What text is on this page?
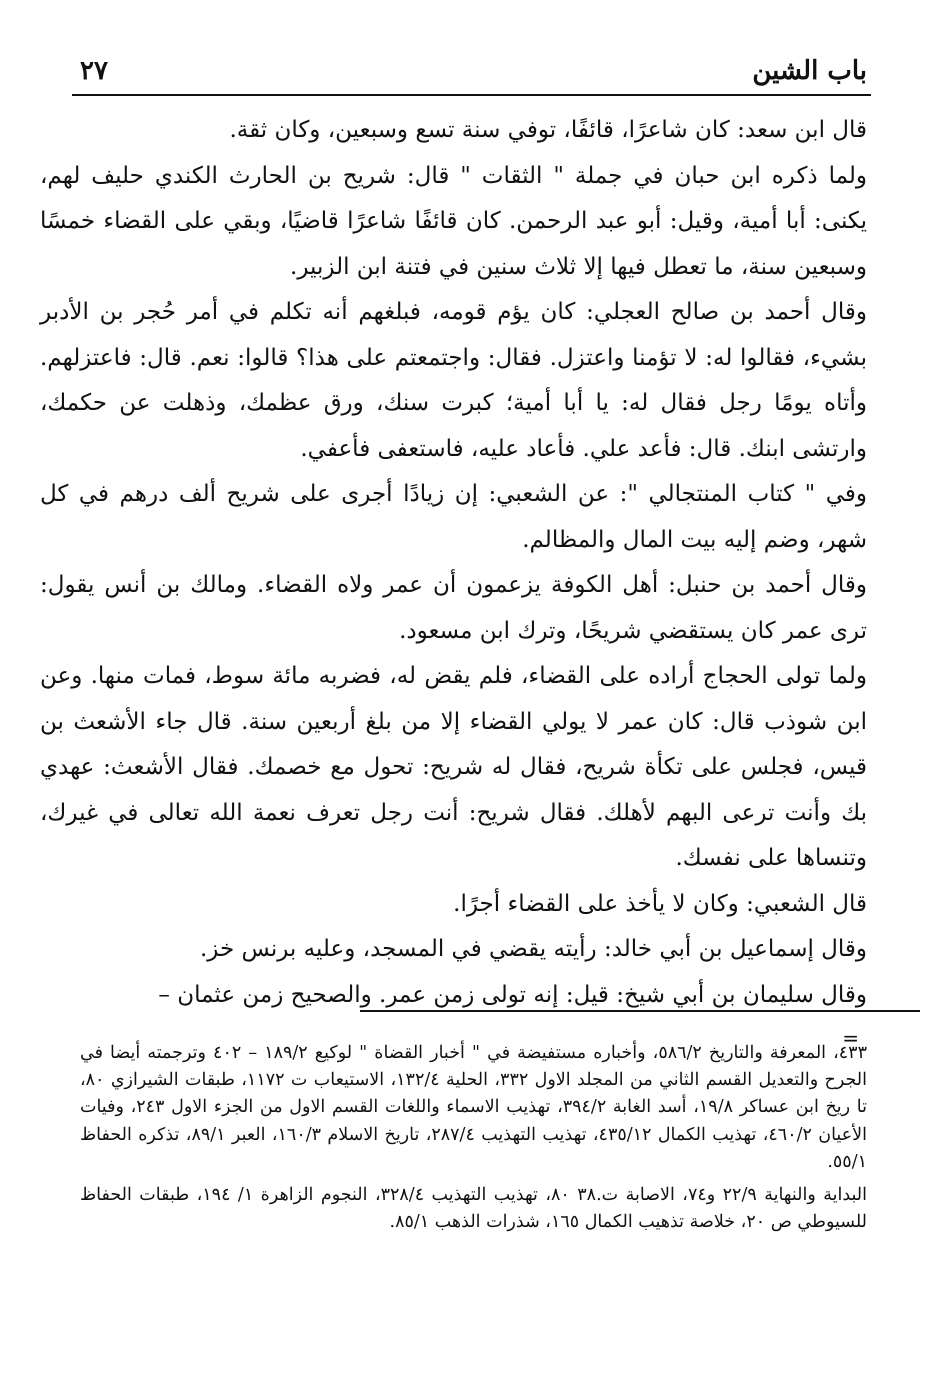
باب الشين
٢٧

قال ابن سعد: كان شاعرًا، قائفًا، توفي سنة تسع وسبعين، وكان ثقة.

ولما ذكره ابن حبان في جملة " الثقات " قال: شريح بن الحارث الكندي حليف لهم، يكنى: أبا أمية، وقيل: أبو عبد الرحمن. كان قائفًا شاعرًا قاضيًا، وبقي على القضاء خمسًا وسبعين سنة، ما تعطل فيها إلا ثلاث سنين في فتنة ابن الزبير.

وقال أحمد بن صالح العجلي: كان يؤم قومه، فبلغهم أنه تكلم في أمر حُجر بن الأدبر بشيء، فقالوا له: لا تؤمنا واعتزل. فقال: واجتمعتم على هذا؟ قالوا: نعم. قال: فاعتزلهم. وأتاه يومًا رجل فقال له: يا أبا أمية؛ كبرت سنك، ورق عظمك، وذهلت عن حكمك، وارتشى ابنك. قال: فأعد علي. فأعاد عليه، فاستعفى فأعفي.

وفي " كتاب المنتجالي ": عن الشعبي: إن زيادًا أجرى على شريح ألف درهم في كل شهر، وضم إليه بيت المال والمظالم.

وقال أحمد بن حنبل: أهل الكوفة يزعمون أن عمر ولاه القضاء. ومالك بن أنس يقول: ترى عمر كان يستقضي شريحًا، وترك ابن مسعود.

ولما تولى الحجاج أراده على القضاء، فلم يقض له، فضربه مائة سوط، فمات منها. وعن ابن شوذب قال: كان عمر لا يولي القضاء إلا من بلغ أربعين سنة. قال جاء الأشعث بن قيس، فجلس على تكأة شريح، فقال له شريح: تحول مع خصمك. فقال الأشعث: عهدي بك وأنت ترعى البهم لأهلك. فقال شريح: أنت رجل تعرف نعمة الله تعالى في غيرك، وتنساها على نفسك.

قال الشعبي: وكان لا يأخذ على القضاء أجرًا.

وقال إسماعيل بن أبي خالد: رأيته يقضي في المسجد، وعليه برنس خز.

وقال سليمان بن أبي شيخ: قيل: إنه تولى زمن عمر. والصحيح زمن عثمان –

=

٤٣٣، المعرفة والتاريخ ٥٨٦/٢، وأخباره مستفيضة في " أخبار القضاة " لوكيع ١٨٩/٢ – ٤٠٢ وترجمته أيضا في الجرح والتعديل القسم الثاني من المجلد الاول ٣٣٢، الحلية ١٣٢/٤، الاستيعاب ت ١١٧٢، طبقات الشيرازي ٨٠، تا ريخ ابن عساكر ١٩/٨، أسد الغابة ٣٩٤/٢، تهذيب الاسماء واللغات القسم الاول من الجزء الاول ٢٤٣، وفيات الأعيان ٤٦٠/٢، تهذيب الكمال ٤٣٥/١٢، تهذيب التهذيب ٢٨٧/٤، تاريخ الاسلام ١٦٠/٣، العبر ٨٩/١، تذكره الحفاظ ٥٥/١.

البداية والنهاية ٢٢/٩ و٧٤، الاصابة ت.٣٨ ٨٠، تهذيب التهذيب ٣٢٨/٤، النجوم الزاهرة ١/ ١٩٤، طبقات الحفاظ للسيوطي ص ٢٠، خلاصة تذهيب الكمال ١٦٥، شذرات الذهب ٨٥/١.
